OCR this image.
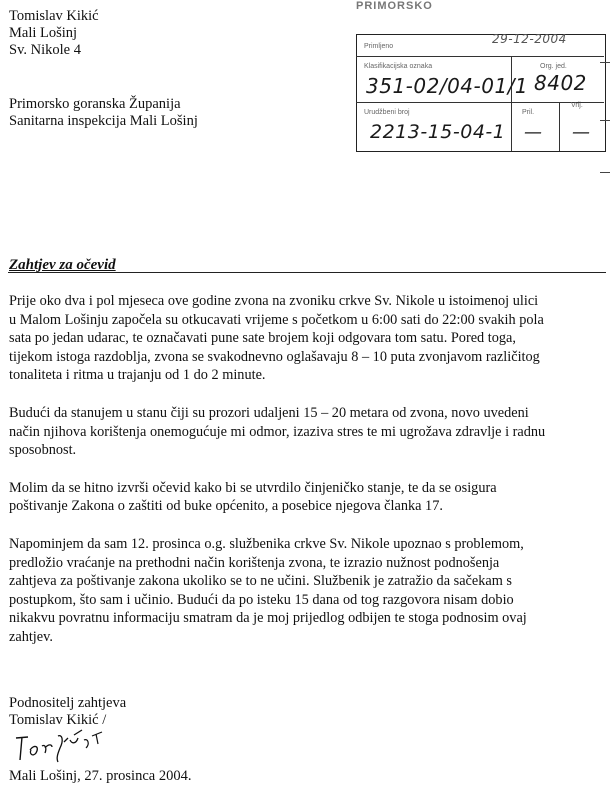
Tomislav Kikić
Mali Lošinj
Sv. Nikole 4
PRIMORSKO
Primljeno
29-12-2004
Klasifikacijska oznaka	Org. jed.
351-02/04-01/1 8402
Urudžbeni broj	Pril.
Vrij.
2213-15-04-1 — —
Primorsko goranska Županija
Sanitarna inspekcija Mali Lošinj
Zahtjev za očevid
Prije oko dva i pol mjeseca ove godine zvona na zvoniku crkve Sv. Nikole u istoimenoj ulici
u Malom Lošinju započela su otkucavati vrijeme s početkom u 6:00 sati do 22:00 svakih pola
sata po jedan udarac, te označavati pune sate brojem koji odgovara tom satu. Pored toga,
tijekom istoga razdoblja, zvona se svakodnevno oglašavaju 8 – 10 puta zvonjavom različitog
tonaliteta i ritma u trajanju od 1 do 2 minute.
Budući da stanujem u stanu čiji su prozori udaljeni 15 – 20 metara od zvona, novo uvedeni
način njihova korištenja onemogućuje mi odmor, izaziva stres te mi ugrožava zdravlje i radnu
sposobnost.
Molim da se hitno izvrši očevid kako bi se utvrdilo činjeničko stanje, te da se osigura
poštivanje Zakona o zaštiti od buke općenito, a posebice njegova članka 17.
Napominjem da sam 12. prosinca o.g. službenika crkve Sv. Nikole upoznao s problemom,
predložio vraćanje na prethodni način korištenja zvona, te izrazio nužnost podnošenja
zahtjeva za poštivanje zakona ukoliko se to ne učini. Službenik je zatražio da sačekam s
postupkom, što sam i učinio. Budući da po isteku 15 dana od tog razgovora nisam dobio
nikakvu povratnu informaciju smatram da je moj prijedlog odbijen te stoga podnosim ovaj
zahtjev.
Podnositelj zahtjeva
Tomislav Kikić /
Mali Lošinj, 27. prosinca 2004.
